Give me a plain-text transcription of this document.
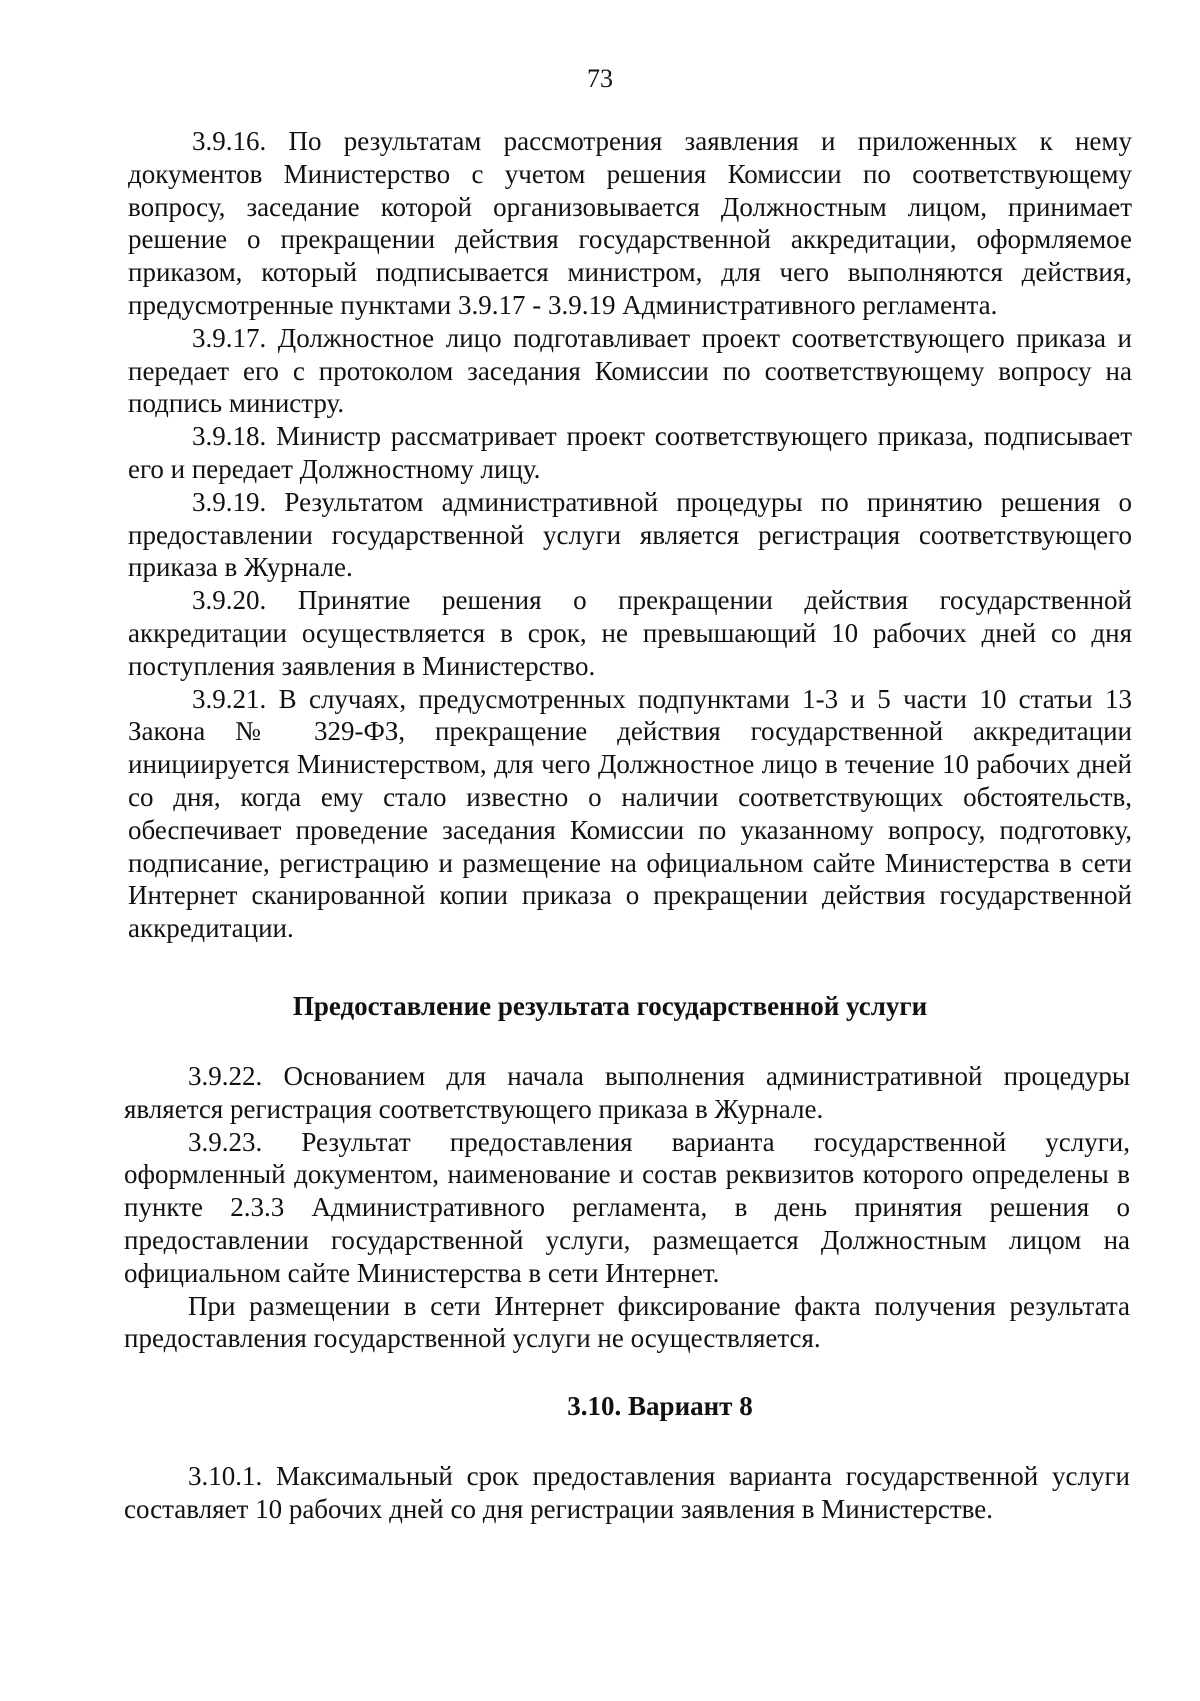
73

3.9.16. По результатам рассмотрения заявления и приложенных к нему документов Министерство с учетом решения Комиссии по соответствующему вопросу, заседание которой организовывается Должностным лицом, принимает решение о прекращении действия государственной аккредитации, оформляемое приказом, который подписывается министром, для чего выполняются действия, предусмотренные пунктами 3.9.17 - 3.9.19 Административного регламента.

3.9.17. Должностное лицо подготавливает проект соответствующего приказа и передает его с протоколом заседания Комиссии по соответствующему вопросу на подпись министру.

3.9.18. Министр рассматривает проект соответствующего приказа, подписывает его и передает Должностному лицу.

3.9.19. Результатом административной процедуры по принятию решения о предоставлении государственной услуги является регистрация соответствующего приказа в Журнале.

3.9.20. Принятие решения о прекращении действия государственной аккредитации осуществляется в срок, не превышающий 10 рабочих дней со дня поступления заявления в Министерство.

3.9.21. В случаях, предусмотренных подпунктами 1-3 и 5 части 10 статьи 13 Закона № 329-ФЗ, прекращение действия государственной аккредитации инициируется Министерством, для чего Должностное лицо в течение 10 рабочих дней со дня, когда ему стало известно о наличии соответствующих обстоятельств, обеспечивает проведение заседания Комиссии по указанному вопросу, подготовку, подписание, регистрацию и размещение на официальном сайте Министерства в сети Интернет сканированной копии приказа о прекращении действия государственной аккредитации.

Предоставление результата государственной услуги

3.9.22. Основанием для начала выполнения административной процедуры является регистрация соответствующего приказа в Журнале.

3.9.23. Результат предоставления варианта государственной услуги, оформленный документом, наименование и состав реквизитов которого определены в пункте 2.3.3 Административного регламента, в день принятия решения о предоставлении государственной услуги, размещается Должностным лицом на официальном сайте Министерства в сети Интернет.

При размещении в сети Интернет фиксирование факта получения результата предоставления государственной услуги не осуществляется.

3.10. Вариант 8

3.10.1. Максимальный срок предоставления варианта государственной услуги составляет 10 рабочих дней со дня регистрации заявления в Министерстве.
